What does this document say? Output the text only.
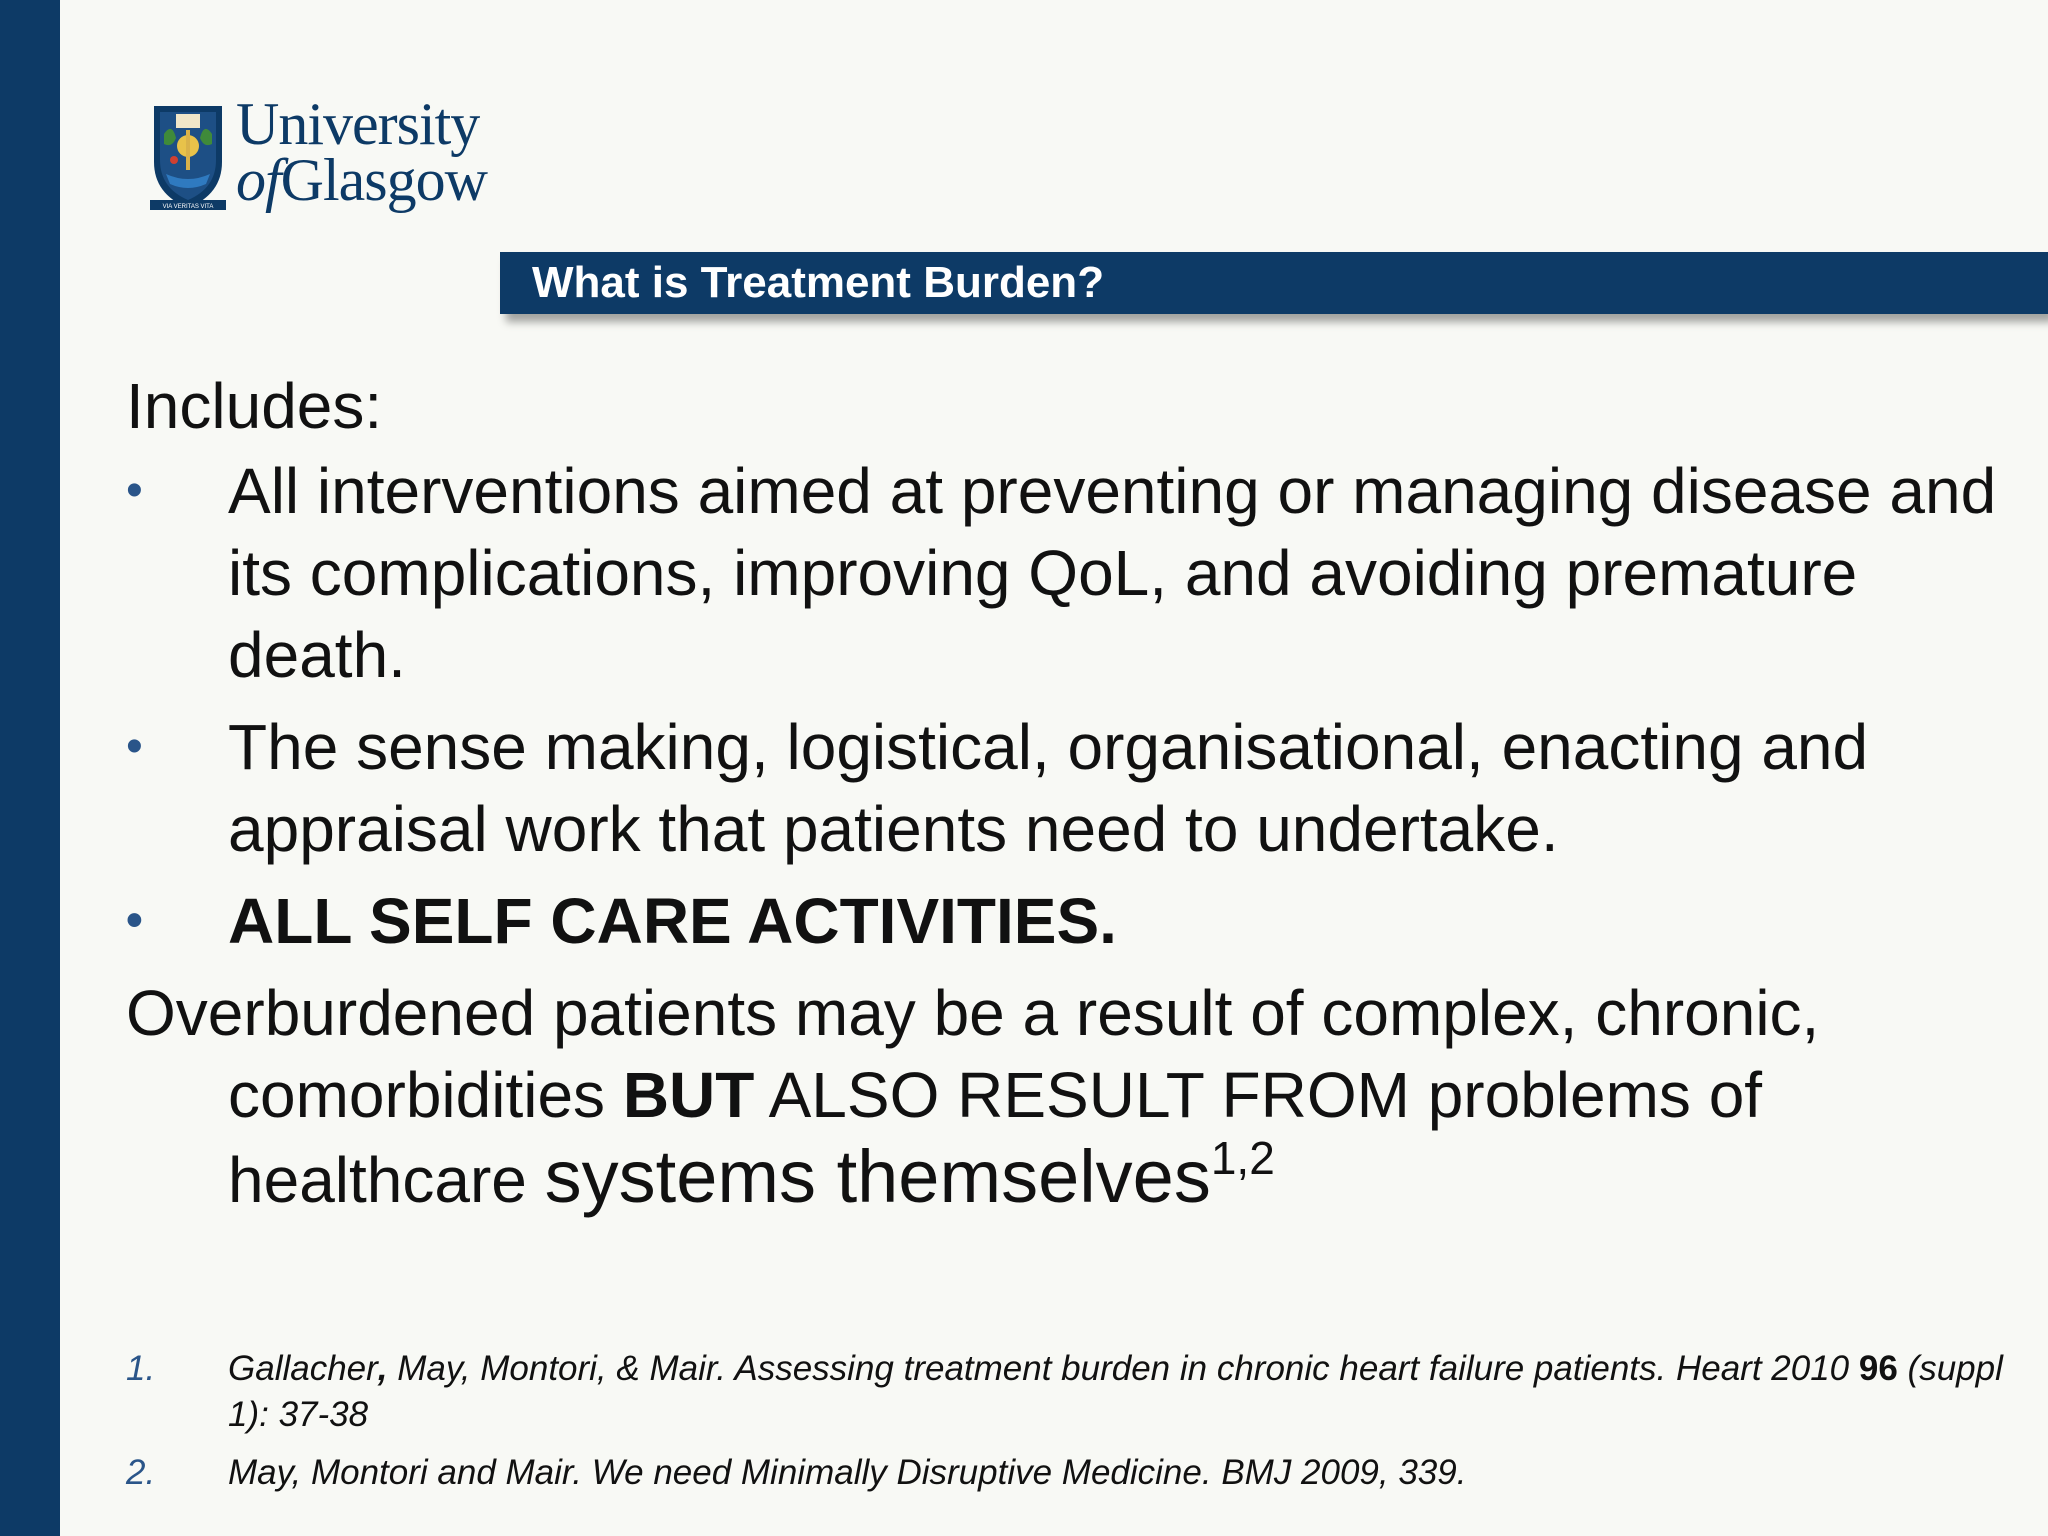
VIA VERITAS VITA
University
ofGlasgow
What is Treatment Burden?
Includes:
• All interventions aimed at preventing or managing disease and its complications, improving QoL, and avoiding premature death.
• The sense making, logistical, organisational, enacting and appraisal work that patients need to undertake.
• ALL SELF CARE ACTIVITIES.
Overburdened patients may be a result of complex, chronic, comorbidities BUT ALSO RESULT FROM problems of healthcare systems themselves$^{1,2}$
1. Gallacher, May, Montori, & Mair. Assessing treatment burden in chronic heart failure patients. Heart 2010 96 (suppl 1): 37-38
2. May, Montori and Mair. We need Minimally Disruptive Medicine. BMJ 2009, 339.
